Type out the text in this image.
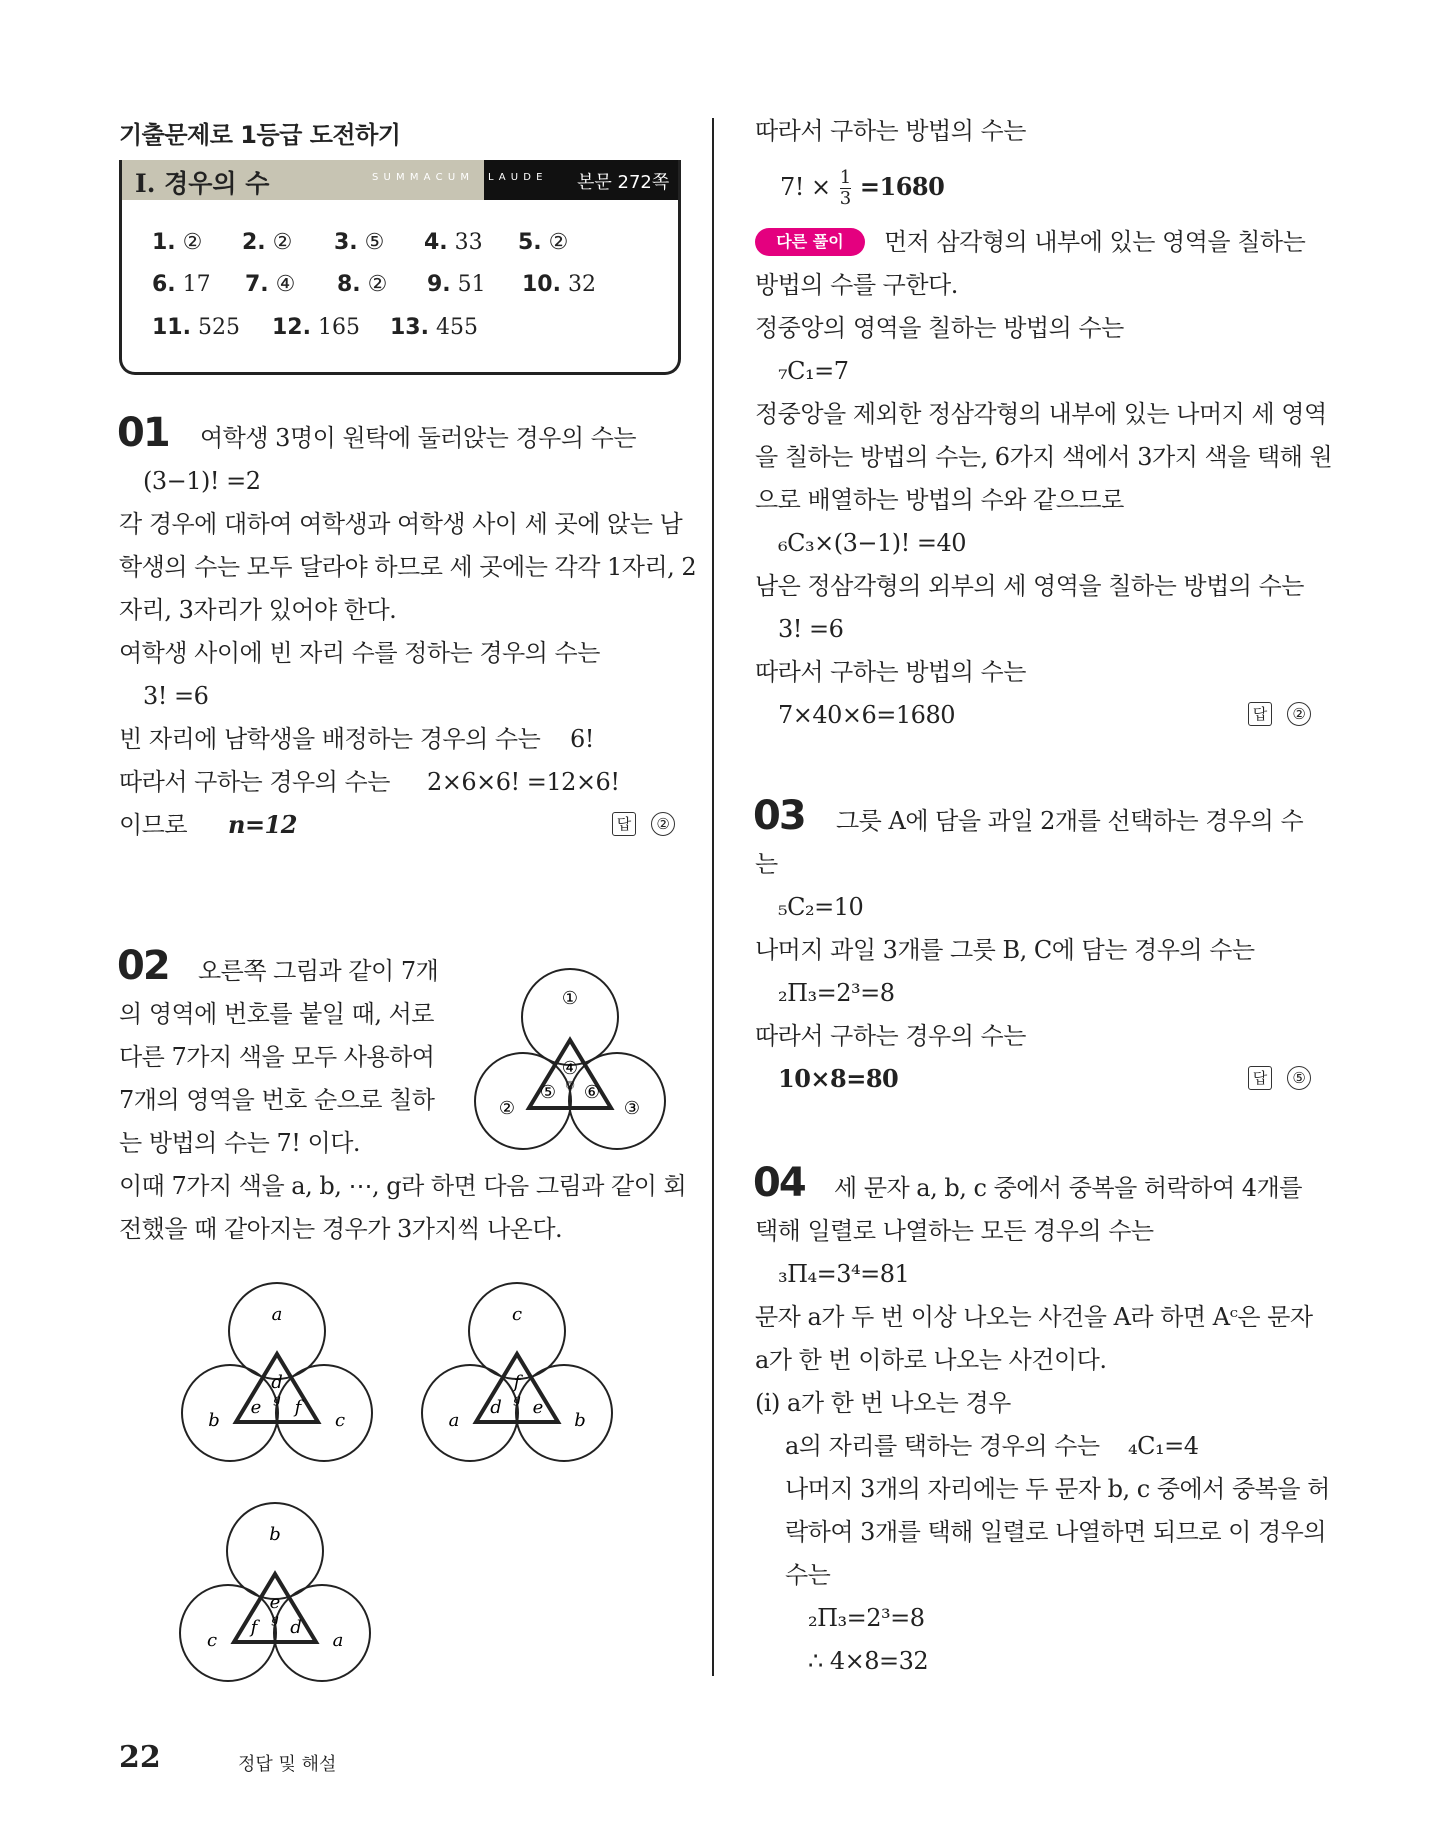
기출문제로 1등급 도전하기
I. 경우의 수	S U M M A C U M L A U D E 본문 272쪽
1. ② 2. ② 3. ⑤ 4. 33 5. ②
6. 17 7. ④ 8. ② 9. 51 10. 32
11. 525 12. 165 13. 455
01 여학생 3명이 원탁에 둘러앉는 경우의 수는
(3−1)! =2
각 경우에 대하여 여학생과 여학생 사이 세 곳에 앉는 남
학생의 수는 모두 달라야 하므로 세 곳에는 각각 1자리, 2
자리, 3자리가 있어야 한다.
여학생 사이에 빈 자리 수를 정하는 경우의 수는
3! =6
빈 자리에 남학생을 배정하는 경우의 수는 6!
따라서 구하는 경우의 수는 2×6×6! =12×6!
이므로 n=12	답 ②
02 오른쪽 그림과 같이 7개
의 영역에 번호를 붙일 때, 서로
다른 7가지 색을 모두 사용하여
7개의 영역을 번호 순으로 칠하
는 방법의 수는 7! 이다.
이때 7가지 색을 a, b, ⋯, g라 하면 다음 그림과 같이 회
전했을 때 같아지는 경우가 3가지씩 나온다.
①
②	③
④
⑤ ⑥
⑦
a
b	c
d
e f
g
c
a	b
f
d e
g
b
c	a
e
f d
g
따라서 구하는 방법의 수는
7! × $\frac{1}{3} =1680$
다른 풀이	먼저 삼각형의 내부에 있는 영역을 칠하는
방법의 수를 구한다.
정중앙의 영역을 칠하는 방법의 수는
₇C₁=7
정중앙을 제외한 정삼각형의 내부에 있는 나머지 세 영역
을 칠하는 방법의 수는, 6가지 색에서 3가지 색을 택해 원
으로 배열하는 방법의 수와 같으므로
₆C₃×(3−1)! =40
남은 정삼각형의 외부의 세 영역을 칠하는 방법의 수는
3! =6
따라서 구하는 방법의 수는
7×40×6=1680	답 ②
03 그릇 A에 담을 과일 2개를 선택하는 경우의 수
는
₅C₂=10
나머지 과일 3개를 그릇 B, C에 담는 경우의 수는
₂Π₃=2³=8
따라서 구하는 경우의 수는
10×8=80	답 ⑤
04 세 문자 a, b, c 중에서 중복을 허락하여 4개를
택해 일렬로 나열하는 모든 경우의 수는
₃Π₄=3⁴=81
문자 a가 두 번 이상 나오는 사건을 A라 하면 Aᶜ은 문자
a가 한 번 이하로 나오는 사건이다.
(i) a가 한 번 나오는 경우
a의 자리를 택하는 경우의 수는 ₄C₁=4
나머지 3개의 자리에는 두 문자 b, c 중에서 중복을 허
락하여 3개를 택해 일렬로 나열하면 되므로 이 경우의
수는
₂Π₃=2³=8
∴ 4×8=32
22	정답 및 해설
